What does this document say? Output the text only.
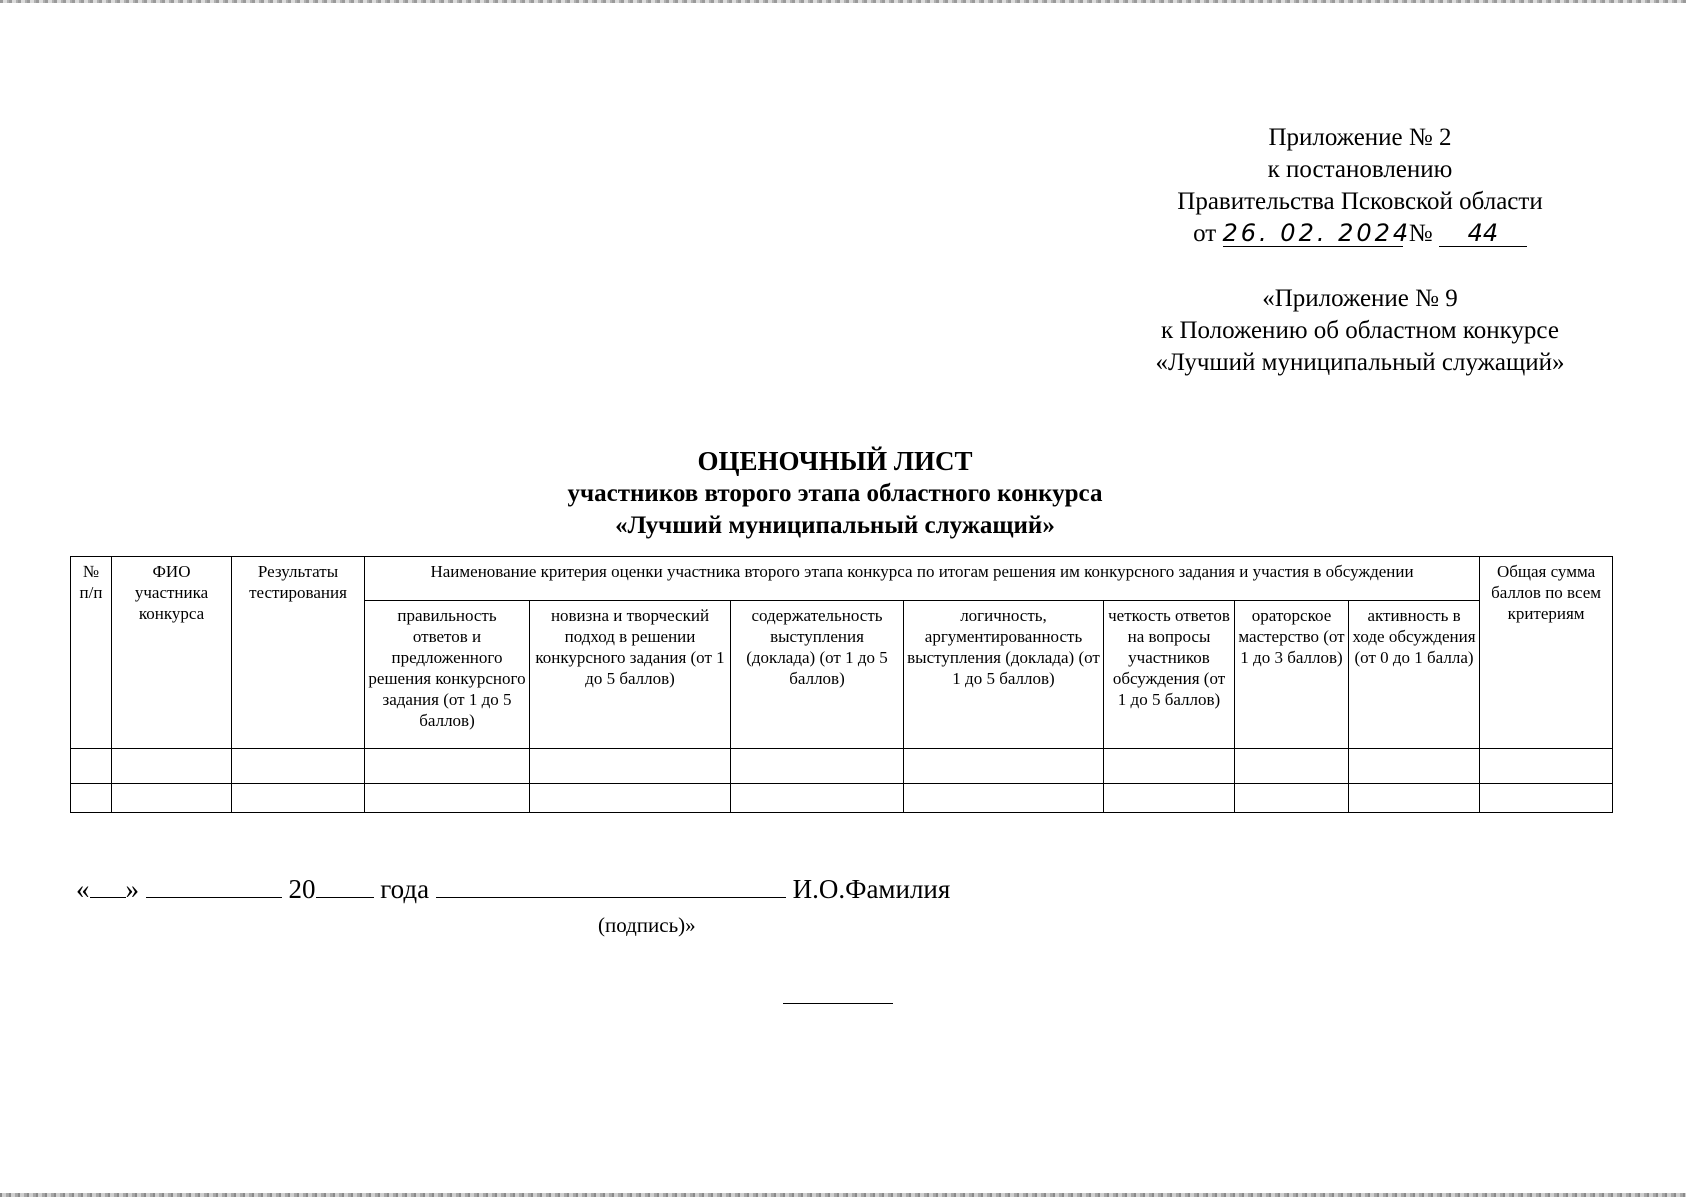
Приложение № 2
к постановлению
Правительства Псковской области
от 26. 02. 2024 № 44
«Приложение № 9
к Положению об областном конкурсе
«Лучший муниципальный служащий»
ОЦЕНОЧНЫЙ ЛИСТ
участников второго этапа областного конкурса
«Лучший муниципальный служащий»
№ п/п	ФИО участника конкурса	Результаты тестирования	Наименование критерия оценки участника второго этапа конкурса по итогам решения им конкурсного задания и участия в обсуждении							Общая сумма баллов по всем критериям
			правильность ответов и предложенного решения конкурсного задания (от 1 до 5 баллов)	новизна и творческий подход в решении конкурсного задания (от 1 до 5 баллов)	содержательность выступления (доклада) (от 1 до 5 баллов)	логичность, аргументированность выступления (доклада) (от 1 до 5 баллов)	четкость ответов на вопросы участников обсуждения (от 1 до 5 баллов)	ораторское мастерство (от 1 до 3 баллов)	активность в ходе обсуждения (от 0 до 1 балла)	

« »	20 года	И.О.Фамилия
(подпись)»
